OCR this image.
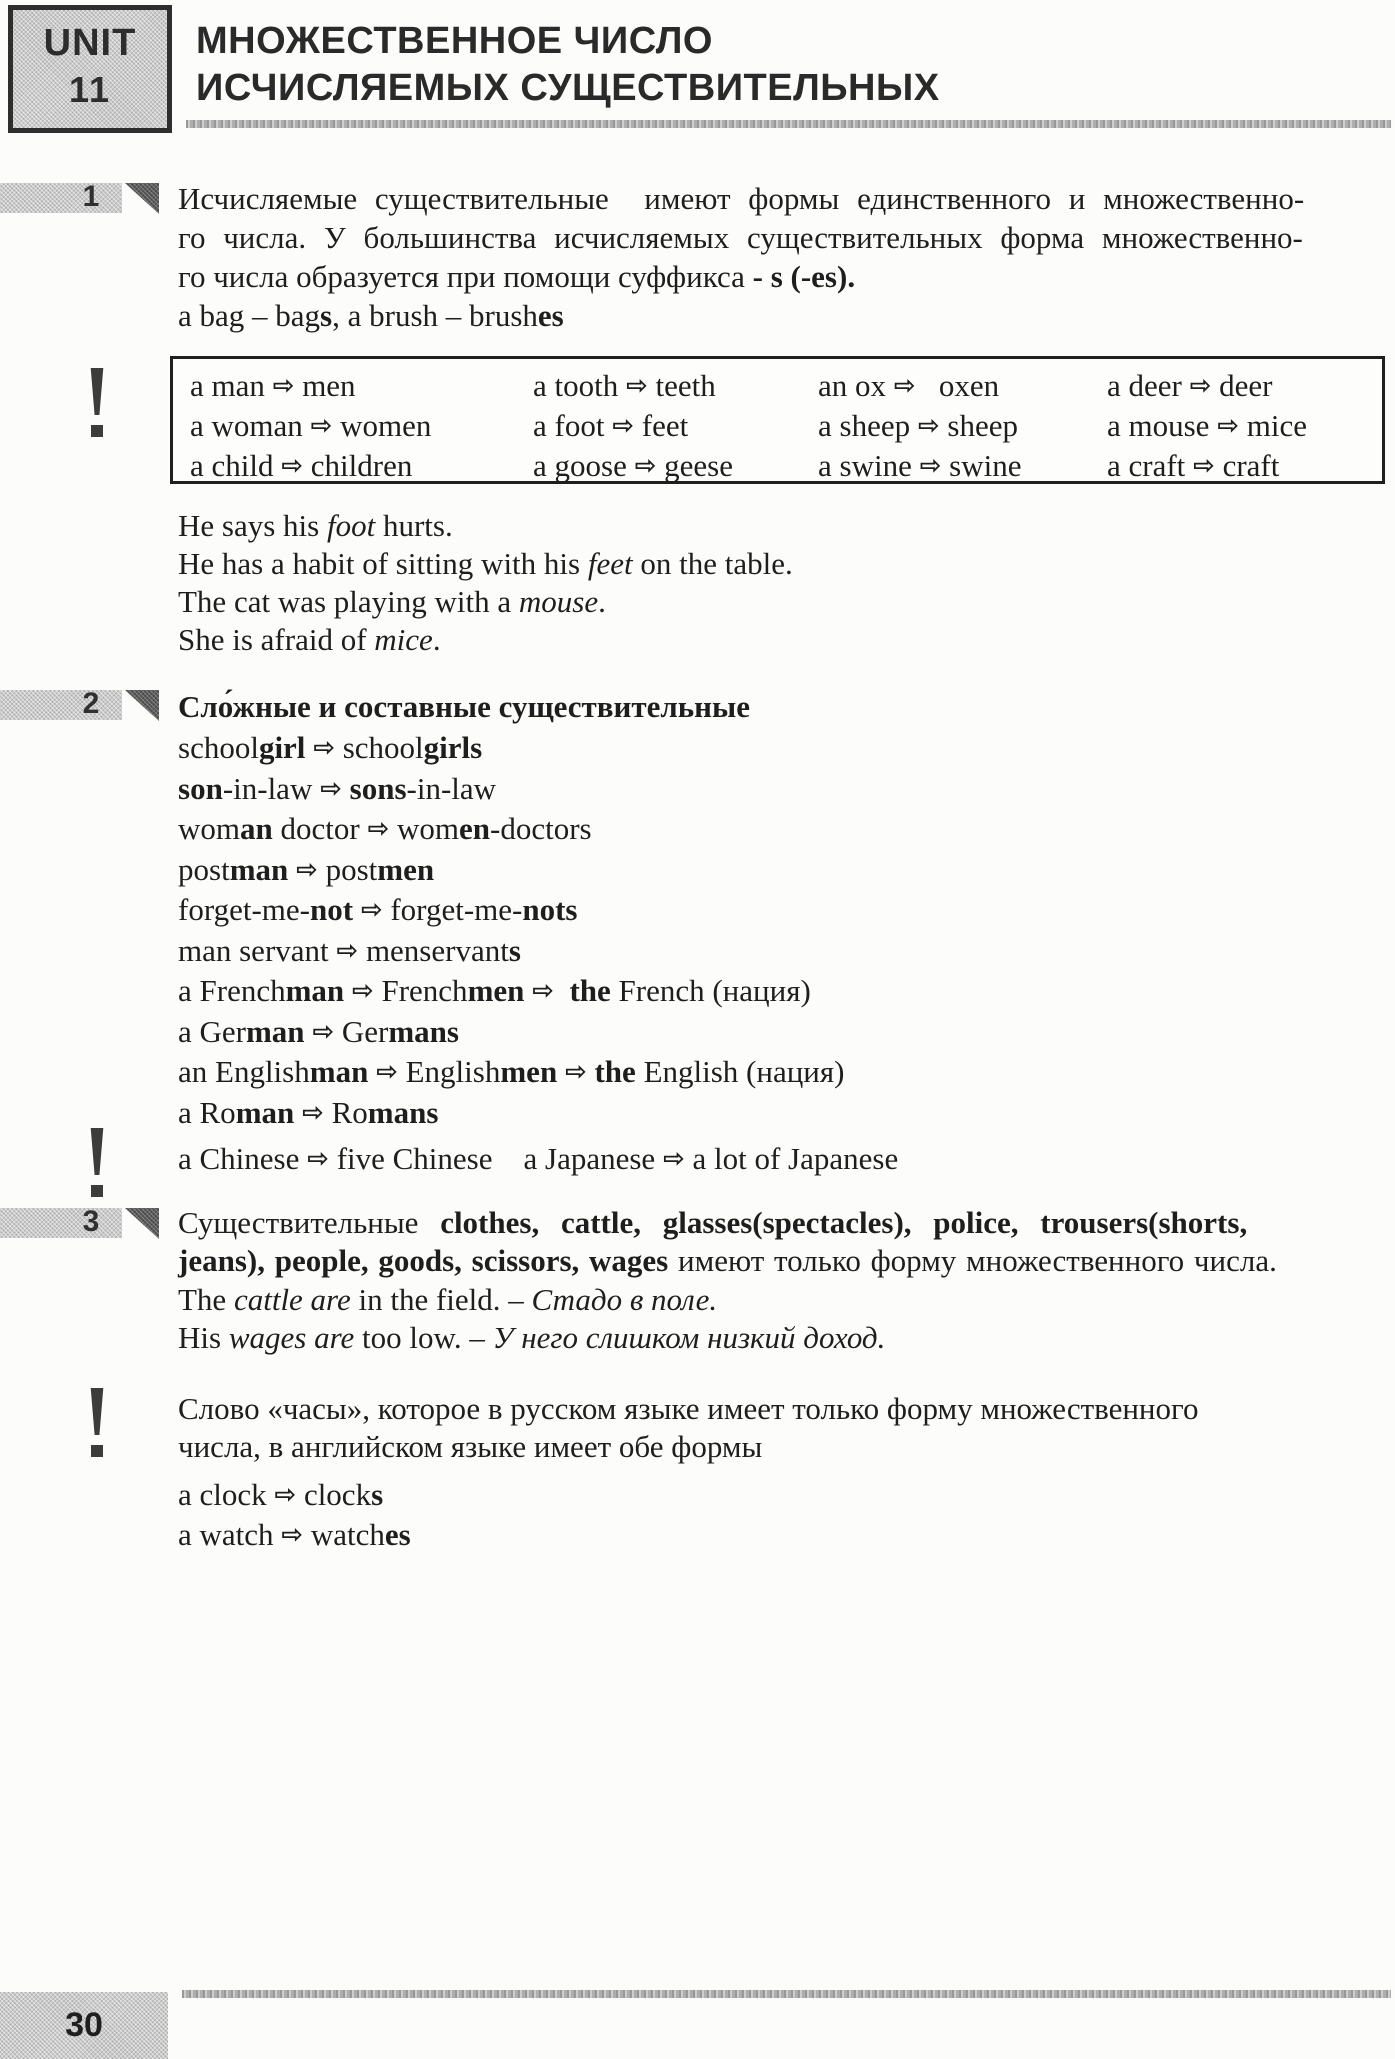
UNIT
11
МНОЖЕСТВЕННОЕ ЧИСЛО
ИСЧИСЛЯЕМЫХ СУЩЕСТВИТЕЛЬНЫХ
1	Исчисляемые существительные  имеют формы единственного и множественно-
го числа. У большинства исчисляемых существительных форма множественно-
го числа образуется при помощи суффикса - s (-es).
a bag – bags, a brush – brushes
a man ⇨ men	a tooth ⇨ teeth	an ox ⇨   oxen	a deer ⇨ deer
a woman ⇨ women	a foot ⇨ feet	a sheep ⇨ sheep	a mouse ⇨ mice
a child ⇨ children	a goose ⇨ geese	a swine ⇨ swine	a craft ⇨ craft
He says his foot hurts.
He has a habit of sitting with his feet on the table.
The cat was playing with a mouse.
She is afraid of mice.
2	Сло́жные и составные существительные
schoolgirl ⇨ schoolgirls
son-in-law ⇨ sons-in-law
woman doctor ⇨ women-doctors
postman ⇨ postmen
forget-me-not ⇨ forget-me-nots
man servant ⇨ menservants
a Frenchman ⇨ Frenchmen ⇨ the French (нация)
a German ⇨ Germans
an Englishman ⇨ Englishmen ⇨ the English (нация)
a Roman ⇨ Romans
a Chinese ⇨ five Chinese    a Japanese ⇨ a lot of Japanese
3	Существительные clothes, cattle, glasses(spectacles), police, trousers(shorts,
jeans), people, goods, scissors, wages имеют только форму множественного числа.
The cattle are in the field. – Стадо в поле.
His wages are too low. – У него слишком низкий доход.
Слово «часы», которое в русском языке имеет только форму множественного
числа, в английском языке имеет обе формы
a clock ⇨ clocks
a watch ⇨ watches
30
